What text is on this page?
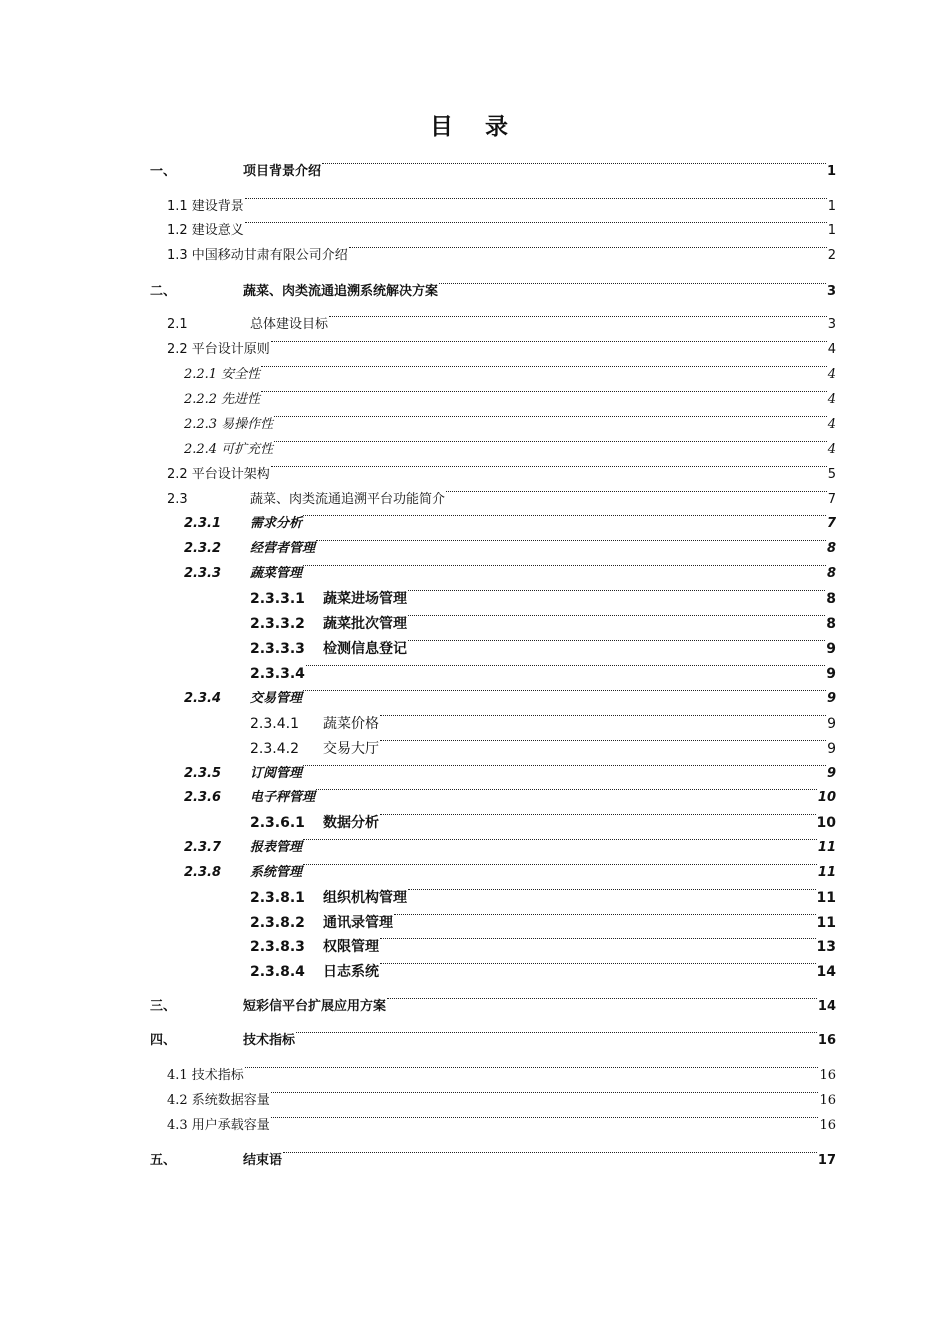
目 录
一、	项目背景介绍	1
1.1 建设背景	1
1.2 建设意义	1
1.3 中国移动甘肃有限公司介绍	2
二、	蔬菜、肉类流通追溯系统解决方案	3
2.1	总体建设目标	3
2.2 平台设计原则	4
2.2.1 安全性	4
2.2.2 先进性	4
2.2.3 易操作性	4
2.2.4 可扩充性	4
2.2 平台设计架构	5
2.3	蔬菜、肉类流通追溯平台功能简介	7
2.3.1 需求分析	7
2.3.2 经营者管理	8
2.3.3 蔬菜管理	8
2.3.3.1 蔬菜进场管理	8
2.3.3.2 蔬菜批次管理	8
2.3.3.3 检测信息登记	9
2.3.3.4	9
2.3.4 交易管理	9
2.3.4.1 蔬菜价格	9
2.3.4.2 交易大厅	9
2.3.5 订阅管理	9
2.3.6 电子秤管理	10
2.3.6.1 数据分析	10
2.3.7 报表管理	11
2.3.8 系统管理	11
2.3.8.1 组织机构管理	11
2.3.8.2 通讯录管理	11
2.3.8.3 权限管理	13
2.3.8.4 日志系统	14
三、	短彩信平台扩展应用方案	14
四、	技术指标	16
4.1 技术指标	16
4.2 系统数据容量	16
4.3 用户承载容量	16
五、	结束语	17
